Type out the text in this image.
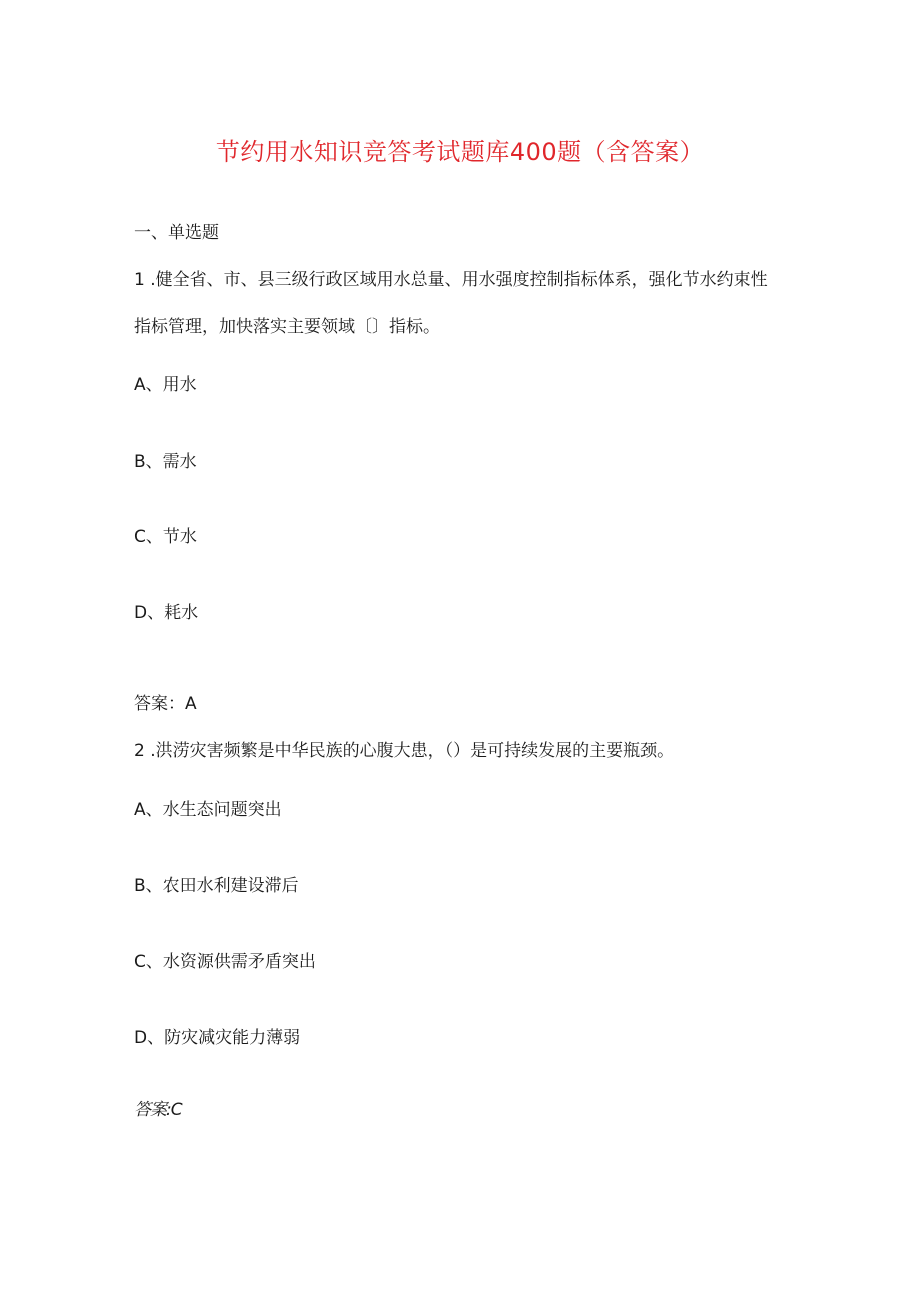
节约用水知识竞答考试题库400题（含答案）
一、单选题
1 .健全省、市、县三级行政区域用水总量、用水强度控制指标体系，强化节水约束性
指标管理，加快落实主要领域〔〕指标。
A、用水
B、需水
C、节水
D、耗水
答案：A
2 .洪涝灾害频繁是中华民族的心腹大患，（）是可持续发展的主要瓶颈。
A、水生态问题突出
B、农田水利建设滞后
C、水资源供需矛盾突出
D、防灾减灾能力薄弱
答案:C
